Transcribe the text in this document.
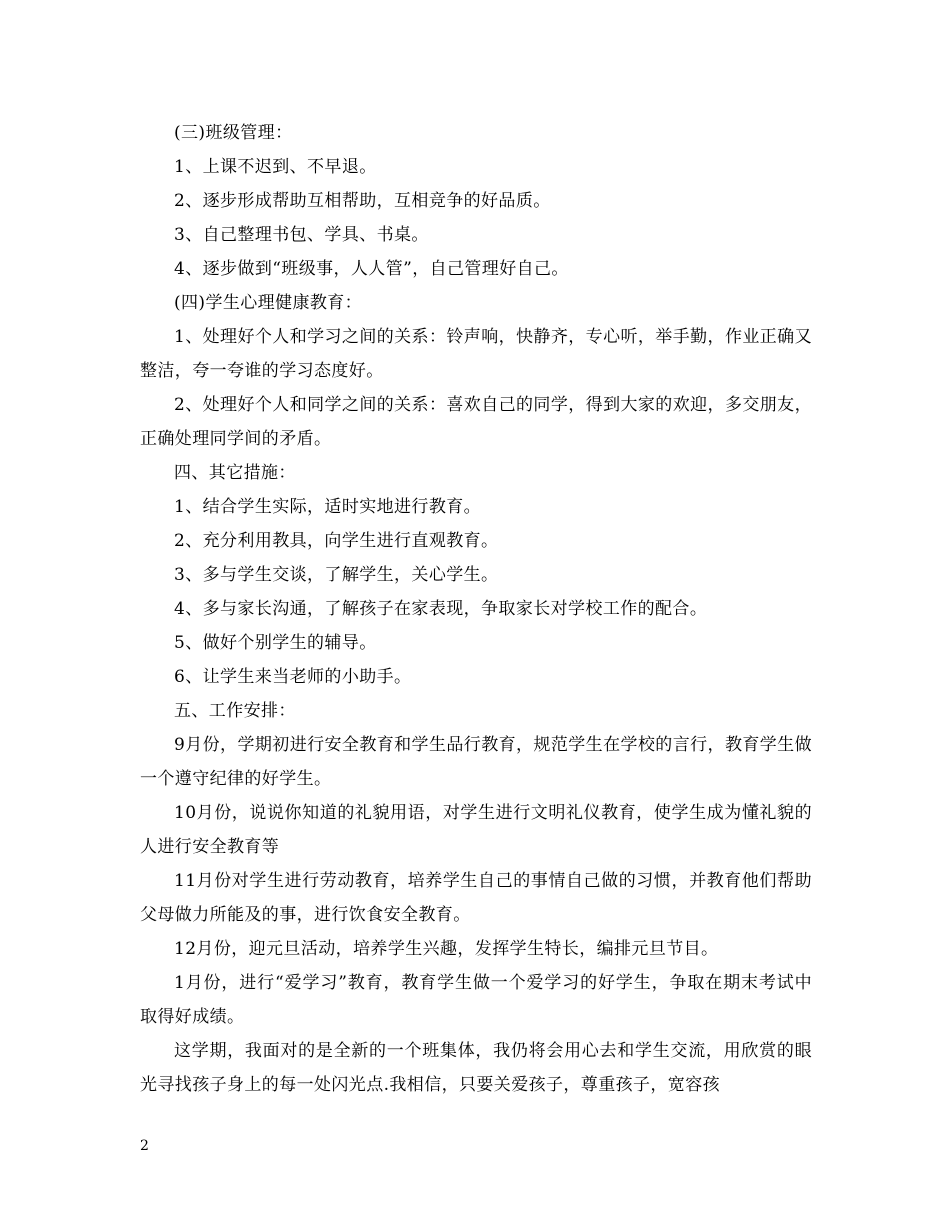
(三)班级管理：

1、上课不迟到、不早退。

2、逐步形成帮助互相帮助，互相竞争的好品质。

3、自己整理书包、学具、书桌。

4、逐步做到“班级事，人人管”，自己管理好自己。

(四)学生心理健康教育：

1、处理好个人和学习之间的关系：铃声响，快静齐，专心听，举手勤，作业正确又整洁，夸一夸谁的学习态度好。

2、处理好个人和同学之间的关系：喜欢自己的同学，得到大家的欢迎，多交朋友，正确处理同学间的矛盾。

四、其它措施：

1、结合学生实际，适时实地进行教育。

2、充分利用教具，向学生进行直观教育。

3、多与学生交谈，了解学生，关心学生。

4、多与家长沟通，了解孩子在家表现，争取家长对学校工作的配合。

5、做好个别学生的辅导。

6、让学生来当老师的小助手。

五、工作安排：

9月份，学期初进行安全教育和学生品行教育，规范学生在学校的言行，教育学生做一个遵守纪律的好学生。

10月份，说说你知道的礼貌用语，对学生进行文明礼仪教育，使学生成为懂礼貌的人进行安全教育等

11月份对学生进行劳动教育，培养学生自己的事情自己做的习惯，并教育他们帮助父母做力所能及的事，进行饮食安全教育。

12月份，迎元旦活动，培养学生兴趣，发挥学生特长，编排元旦节目。

1月份，进行“爱学习”教育，教育学生做一个爱学习的好学生，争取在期末考试中取得好成绩。

这学期，我面对的是全新的一个班集体，我仍将会用心去和学生交流，用欣赏的眼光寻找孩子身上的每一处闪光点.我相信，只要关爱孩子，尊重孩子，宽容孩

2
